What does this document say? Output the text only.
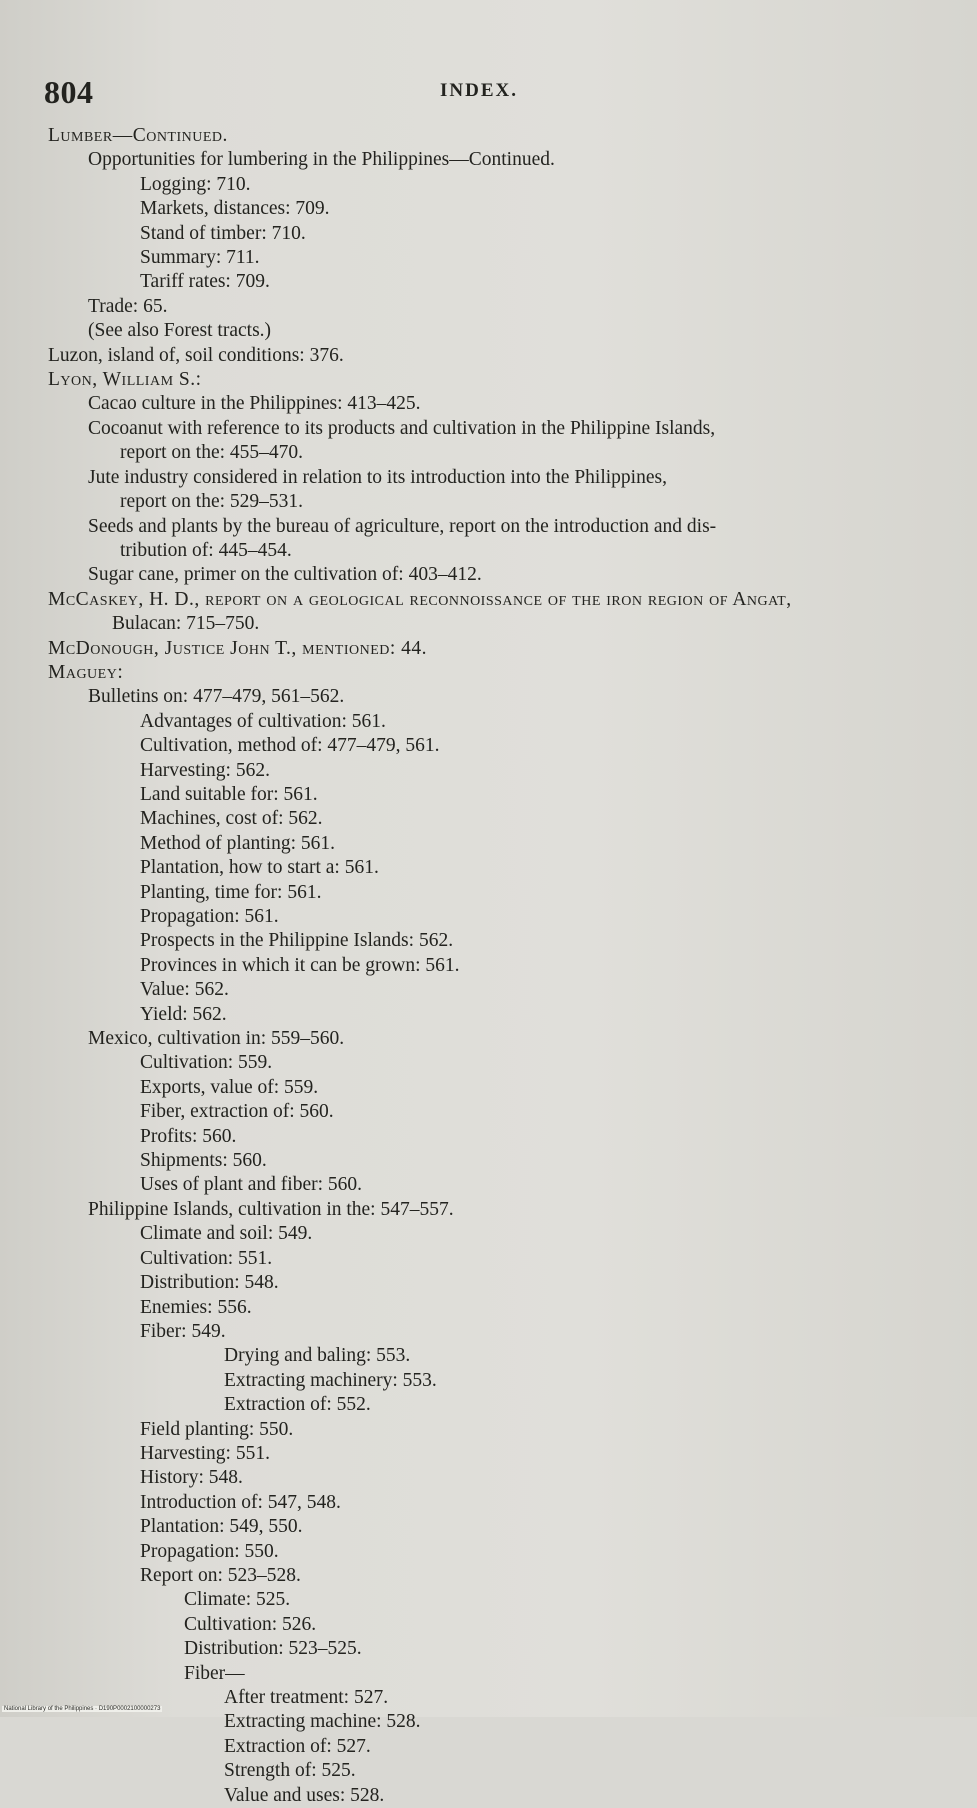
804	INDEX.
Lumber—Continued.
Opportunities for lumbering in the Philippines—Continued.
Logging: 710.
Markets, distances: 709.
Stand of timber: 710.
Summary: 711.
Tariff rates: 709.
Trade: 65.
(See also Forest tracts.)
Luzon, island of, soil conditions: 376.
Lyon, William S.:
Cacao culture in the Philippines: 413–425.
Cocoanut with reference to its products and cultivation in the Philippine Islands,
report on the: 455–470.
Jute industry considered in relation to its introduction into the Philippines,
report on the: 529–531.
Seeds and plants by the bureau of agriculture, report on the introduction and dis-
tribution of: 445–454.
Sugar cane, primer on the cultivation of: 403–412.
McCaskey, H. D., report on a geological reconnoissance of the iron region of Angat,
Bulacan: 715–750.
McDonough, Justice John T., mentioned: 44.
Maguey:
Bulletins on: 477–479, 561–562.
Advantages of cultivation: 561.
Cultivation, method of: 477–479, 561.
Harvesting: 562.
Land suitable for: 561.
Machines, cost of: 562.
Method of planting: 561.
Plantation, how to start a: 561.
Planting, time for: 561.
Propagation: 561.
Prospects in the Philippine Islands: 562.
Provinces in which it can be grown: 561.
Value: 562.
Yield: 562.
Mexico, cultivation in: 559–560.
Cultivation: 559.
Exports, value of: 559.
Fiber, extraction of: 560.
Profits: 560.
Shipments: 560.
Uses of plant and fiber: 560.
Philippine Islands, cultivation in the: 547–557.
Climate and soil: 549.
Cultivation: 551.
Distribution: 548.
Enemies: 556.
Fiber: 549.
Drying and baling: 553.
Extracting machinery: 553.
Extraction of: 552.
Field planting: 550.
Harvesting: 551.
History: 548.
Introduction of: 547, 548.
Plantation: 549, 550.
Propagation: 550.
Report on: 523–528.
Climate: 525.
Cultivation: 526.
Distribution: 523–525.
Fiber—
After treatment: 527.
Extracting machine: 528.
Extraction of: 527.
Strength of: 525.
Value and uses: 528.
National Library of the Philippines · D190P0002100000273
